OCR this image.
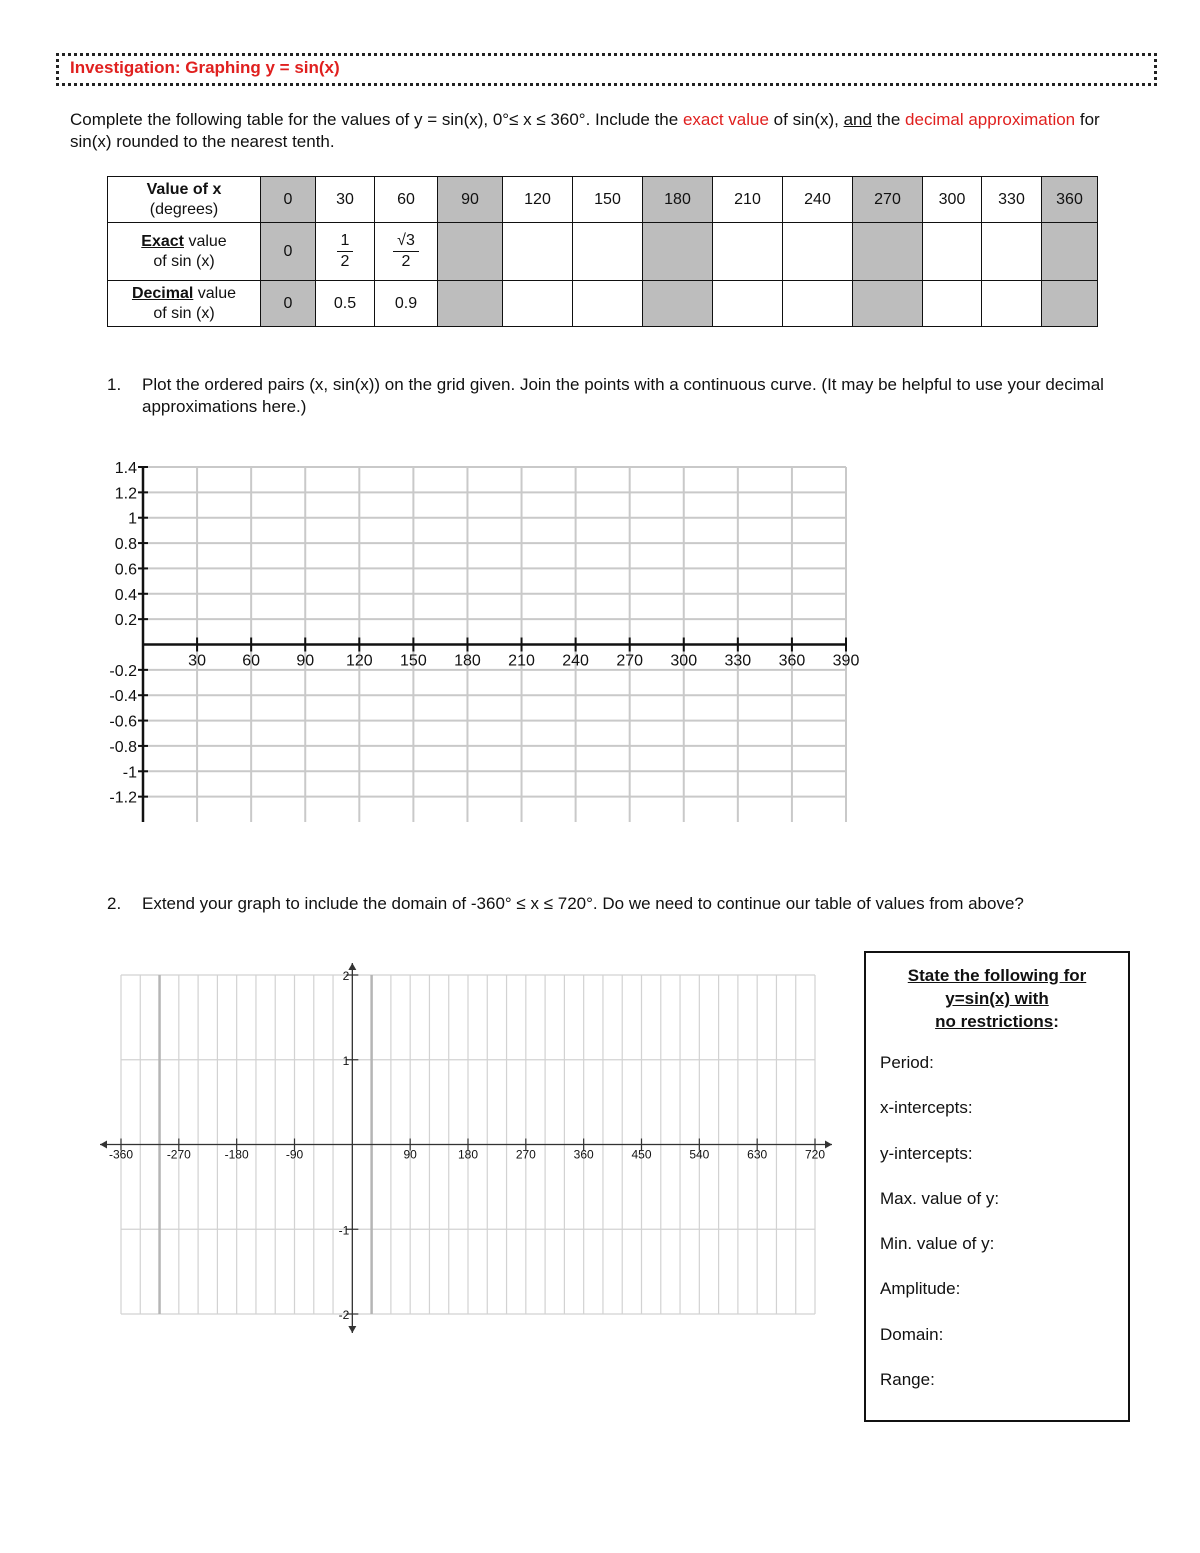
Investigation: Graphing y = sin(x)
Complete the following table for the values of y = sin(x), 0°≤ x ≤ 360°. Include the exact value of sin(x), and the decimal approximation for sin(x) rounded to the nearest tenth.
Value of x
(degrees)	0	30	60	90	120	150	180	210	240	270	300	330	360
Exact value
of sin (x)	0	$\frac{1}{2}$	$\frac{√3}{2}$

Decimal value
of sin (x)	0	0.5	0.9										
1. Plot the ordered pairs (x, sin(x)) on the grid given. Join the points with a continuous curve. (It may be helpful to use your decimal approximations here.)
2. Extend your graph to include the domain of -360° ≤ x ≤ 720°. Do we need to continue our table of values from above?
1.4
1.2
1
0.8
0.6
0.4
0.2
-0.2
-0.4
-0.6
-0.8
-1
-1.2
30 60 90 120 150 180 210 240 270 300 330 360 390
-360	-270	-180	-90	90	180	270	360	450	540	630	720
2
1
-1
-2
State the following for
y=sin(x) with
no restrictions:
Period:
x-intercepts:
y-intercepts:
Max. value of y:
Min. value of y:
Amplitude:
Domain:
Range:
